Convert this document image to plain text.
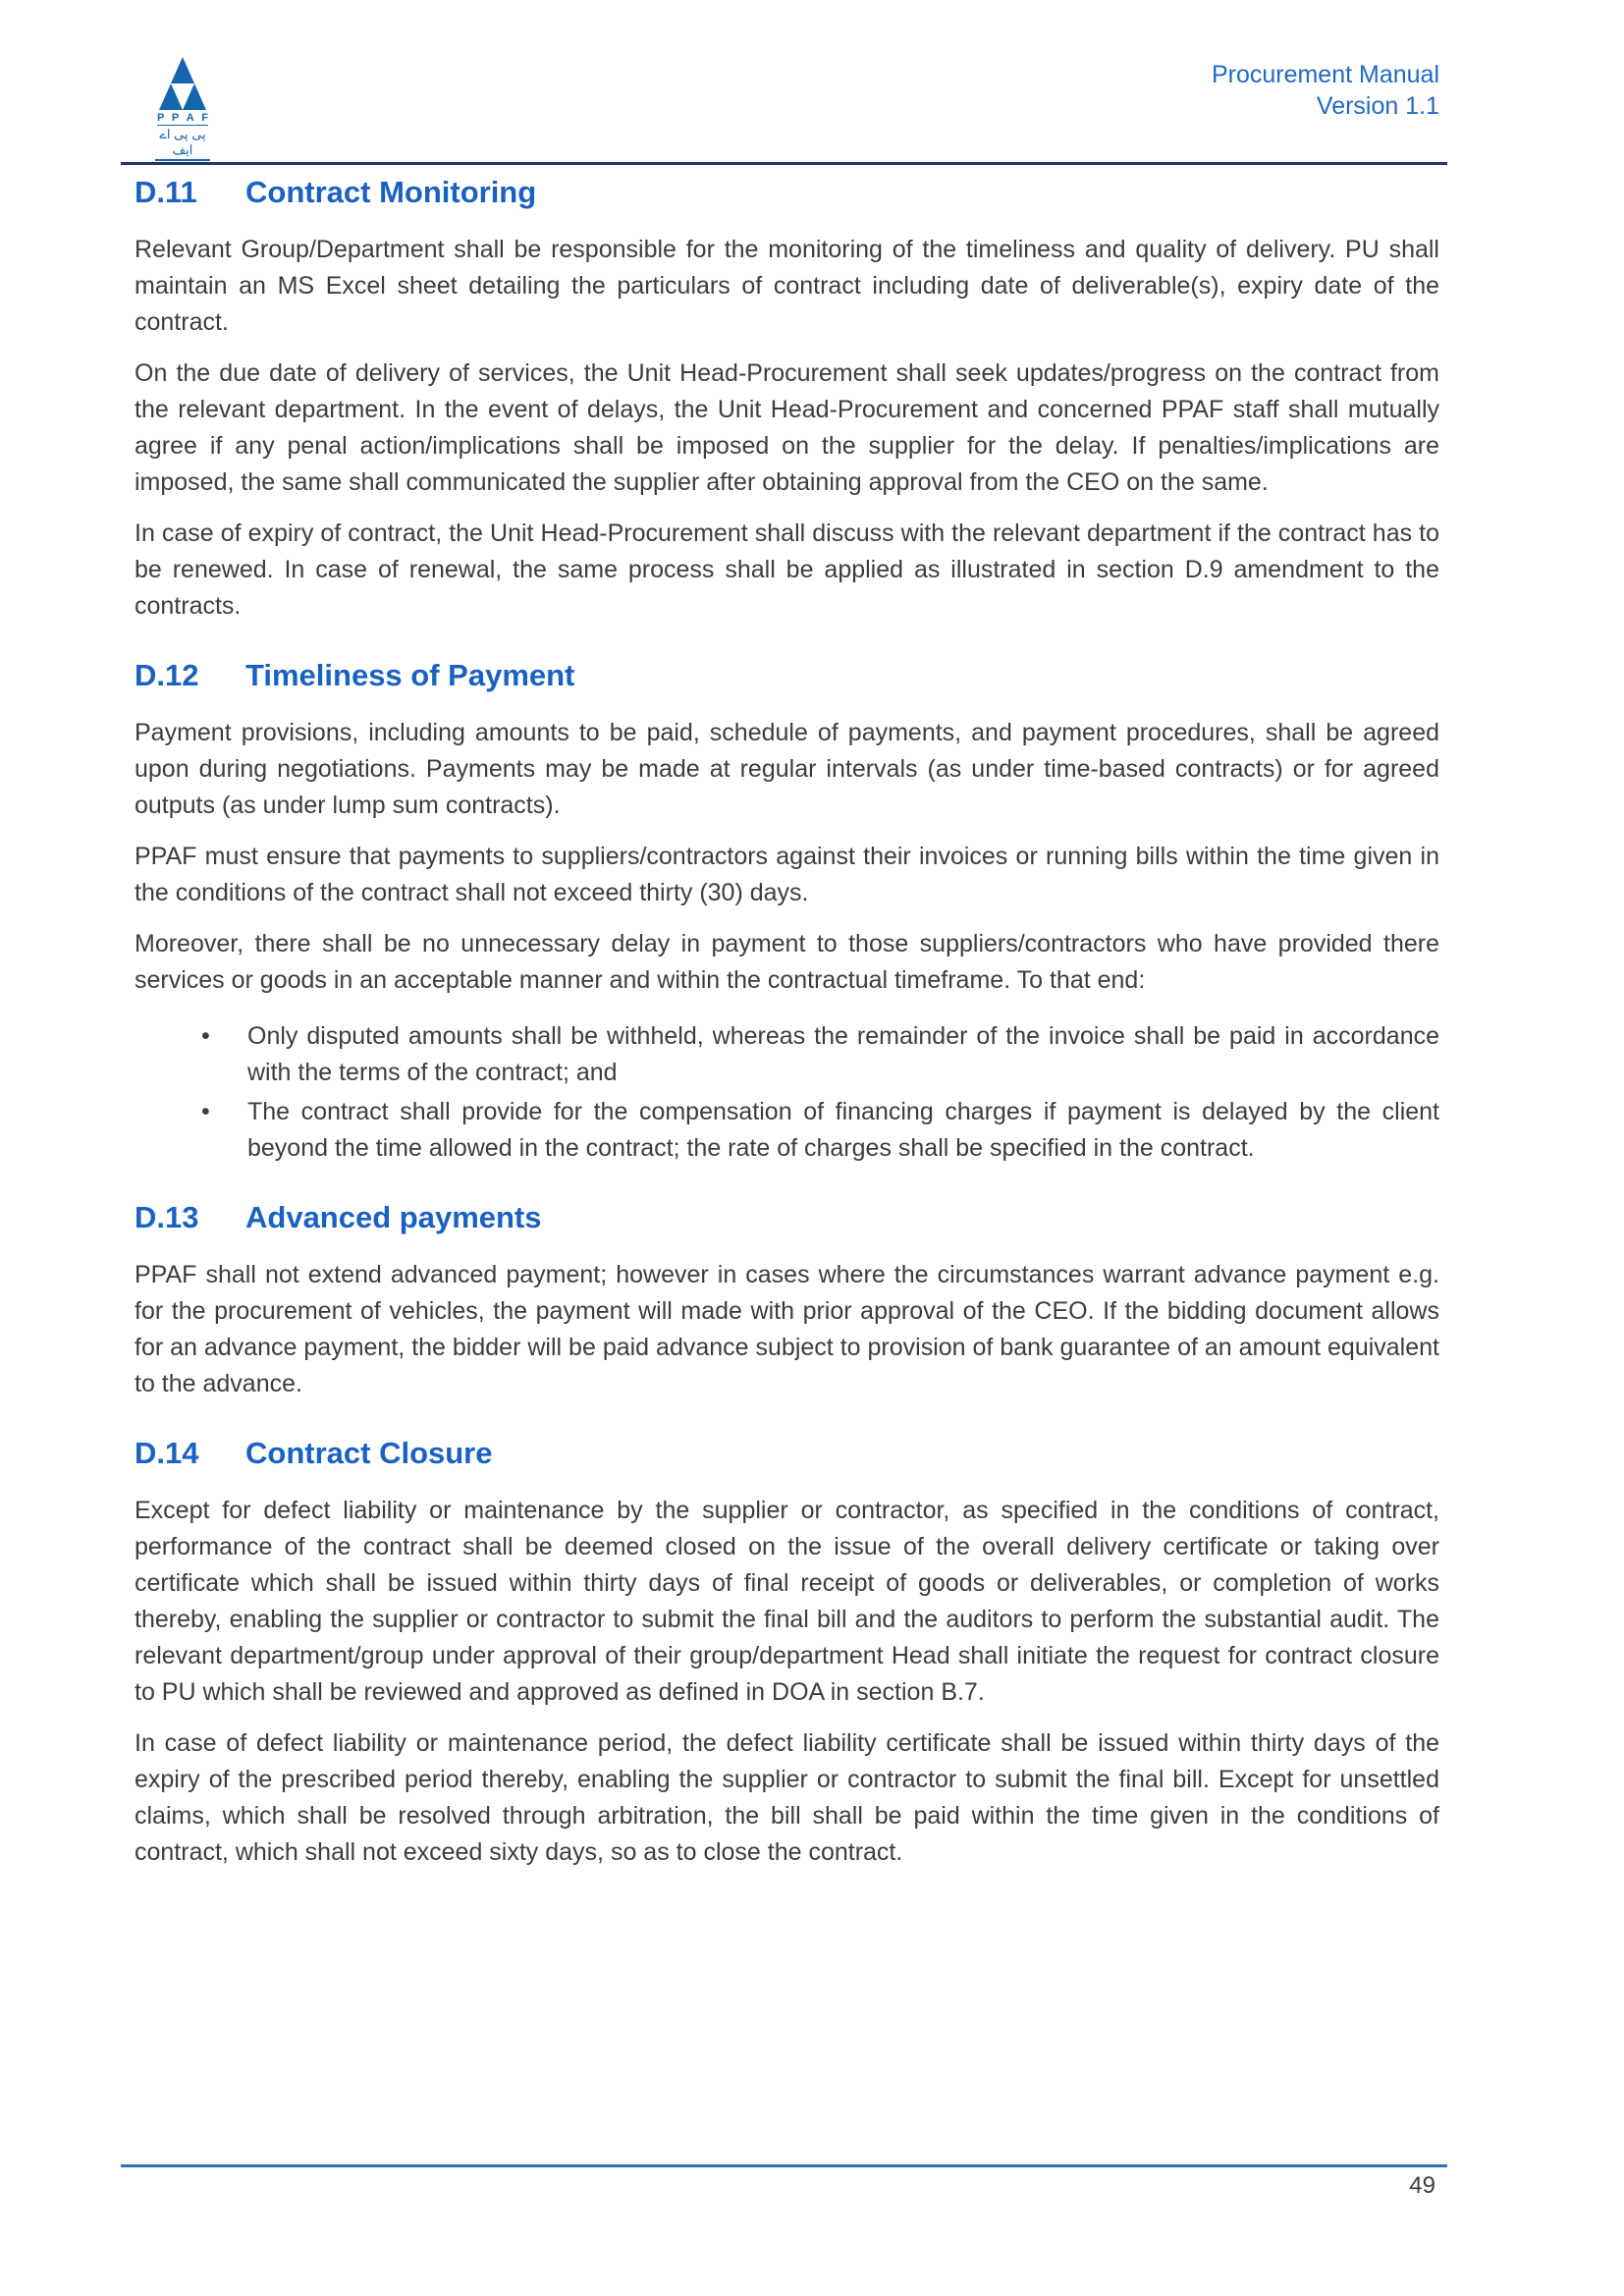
P P A F
پی پی اے ایف
Procurement Manual
Version 1.1
D.11 Contract Monitoring

Relevant Group/Department shall be responsible for the monitoring of the timeliness and quality of delivery. PU shall maintain an MS Excel sheet detailing the particulars of contract including date of deliverable(s), expiry date of the contract.

On the due date of delivery of services, the Unit Head-Procurement shall seek updates/progress on the contract from the relevant department. In the event of delays, the Unit Head-Procurement and concerned PPAF staff shall mutually agree if any penal action/implications shall be imposed on the supplier for the delay. If penalties/implications are imposed, the same shall communicated the supplier after obtaining approval from the CEO on the same.

In case of expiry of contract, the Unit Head-Procurement shall discuss with the relevant department if the contract has to be renewed. In case of renewal, the same process shall be applied as illustrated in section D.9 amendment to the contracts.

D.12 Timeliness of Payment

Payment provisions, including amounts to be paid, schedule of payments, and payment procedures, shall be agreed upon during negotiations. Payments may be made at regular intervals (as under time-based contracts) or for agreed outputs (as under lump sum contracts).

PPAF must ensure that payments to suppliers/contractors against their invoices or running bills within the time given in the conditions of the contract shall not exceed thirty (30) days.

Moreover, there shall be no unnecessary delay in payment to those suppliers/contractors who have provided there services or goods in an acceptable manner and within the contractual timeframe. To that end:

• Only disputed amounts shall be withheld, whereas the remainder of the invoice shall be paid in accordance with the terms of the contract; and
• The contract shall provide for the compensation of financing charges if payment is delayed by the client beyond the time allowed in the contract; the rate of charges shall be specified in the contract.
D.13 Advanced payments

PPAF shall not extend advanced payment; however in cases where the circumstances warrant advance payment e.g. for the procurement of vehicles, the payment will made with prior approval of the CEO. If the bidding document allows for an advance payment, the bidder will be paid advance subject to provision of bank guarantee of an amount equivalent to the advance.

D.14 Contract Closure

Except for defect liability or maintenance by the supplier or contractor, as specified in the conditions of contract, performance of the contract shall be deemed closed on the issue of the overall delivery certificate or taking over certificate which shall be issued within thirty days of final receipt of goods or deliverables, or completion of works thereby, enabling the supplier or contractor to submit the final bill and the auditors to perform the substantial audit. The relevant department/group under approval of their group/department Head shall initiate the request for contract closure to PU which shall be reviewed and approved as defined in DOA in section B.7.

In case of defect liability or maintenance period, the defect liability certificate shall be issued within thirty days of the expiry of the prescribed period thereby, enabling the supplier or contractor to submit the final bill. Except for unsettled claims, which shall be resolved through arbitration, the bill shall be paid within the time given in the conditions of contract, which shall not exceed sixty days, so as to close the contract.

49
